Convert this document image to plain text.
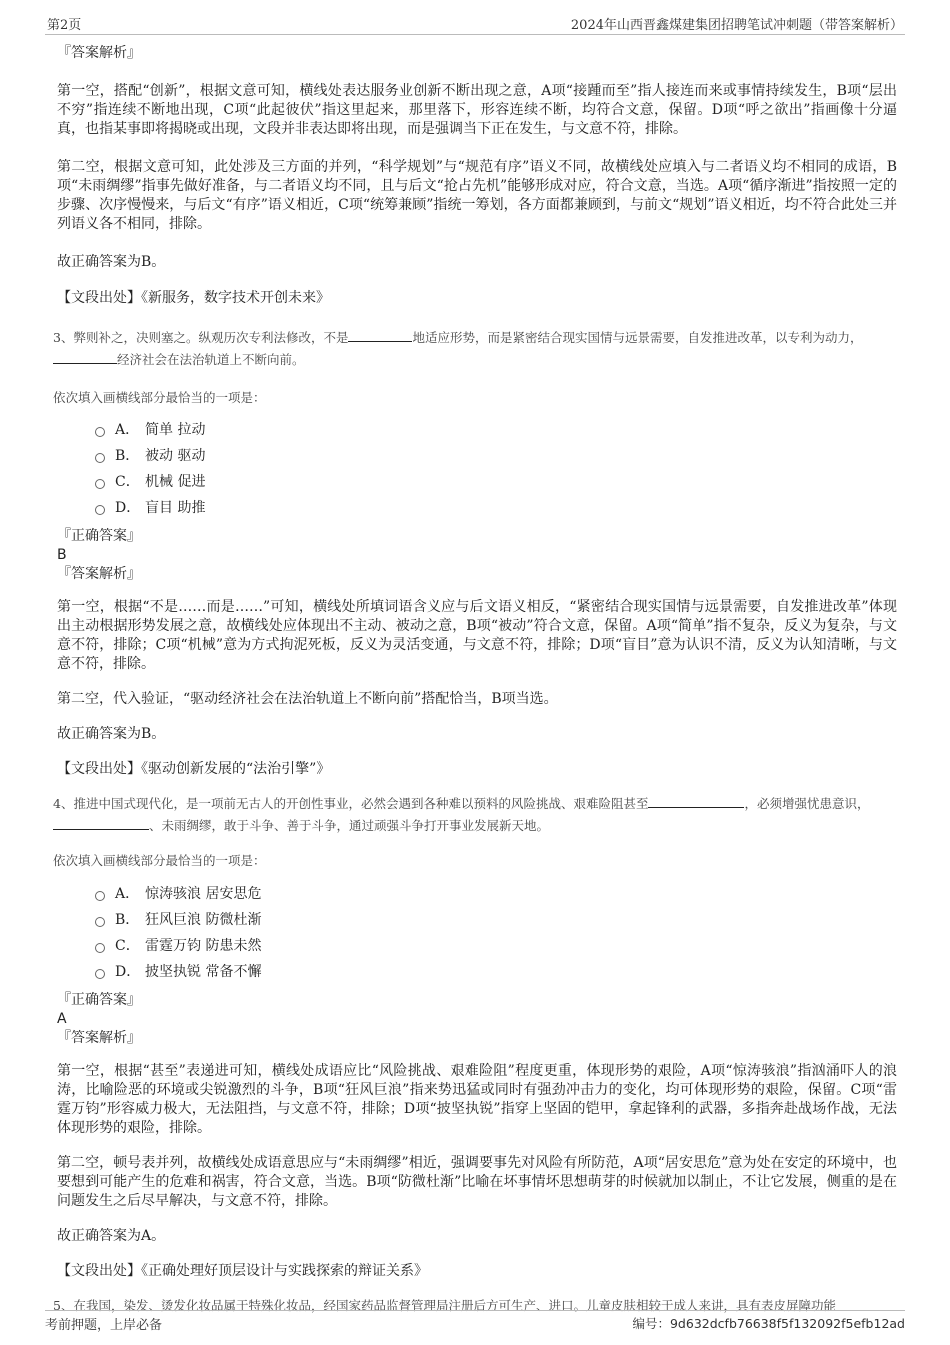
第2页	2024年山西晋鑫煤建集团招聘笔试冲刺题（带答案解析）

『答案解析』

第一空，搭配“创新”，根据文意可知，横线处表达服务业创新不断出现之意，A项“接踵而至”指人接连而来或事情持续发生，B项“层出不穷”指连续不断地出现，C项“此起彼伏”指这里起来，那里落下，形容连续不断，均符合文意，保留。D项“呼之欲出”指画像十分逼真，也指某事即将揭晓或出现，文段并非表达即将出现，而是强调当下正在发生，与文意不符，排除。

第二空，根据文意可知，此处涉及三方面的并列，“科学规划”与“规范有序”语义不同，故横线处应填入与二者语义均不相同的成语，B项“未雨绸缪”指事先做好准备，与二者语义均不同，且与后文“抢占先机”能够形成对应，符合文意，当选。A项“循序渐进”指按照一定的步骤、次序慢慢来，与后文“有序”语义相近，C项“统筹兼顾”指统一筹划，各方面都兼顾到，与前文“规划”语义相近，均不符合此处三并列语义各不相同，排除。

故正确答案为B。

【文段出处】《新服务，数字技术开创未来》

3、弊则补之，决则塞之。纵观历次专利法修改，不是	地适应形势，而是紧密结合现实国情与远景需要，自发推进改革，以专利为动力，经济社会在法治轨道上不断向前。

依次填入画横线部分最恰当的一项是：

A． 简单 拉动
B． 被动 驱动
C． 机械 促进
D． 盲目 助推

『正确答案』

B

『答案解析』

第一空，根据“不是……而是……”可知，横线处所填词语含义应与后文语义相反，“紧密结合现实国情与远景需要，自发推进改革”体现出主动根据形势发展之意，故横线处应体现出不主动、被动之意，B项“被动”符合文意，保留。A项“简单”指不复杂，反义为复杂，与文意不符，排除；C项“机械”意为方式拘泥死板，反义为灵活变通，与文意不符，排除；D项“盲目”意为认识不清，反义为认知清晰，与文意不符，排除。

第二空，代入验证，“驱动经济社会在法治轨道上不断向前”搭配恰当，B项当选。

故正确答案为B。

【文段出处】《驱动创新发展的“法治引擎”》

4、推进中国式现代化，是一项前无古人的开创性事业，必然会遇到各种难以预料的风险挑战、艰难险阻甚至	，必须增强忧患意识，、未雨绸缪，敢于斗争、善于斗争，通过顽强斗争打开事业发展新天地。

依次填入画横线部分最恰当的一项是：

A． 惊涛骇浪 居安思危
B． 狂风巨浪 防微杜渐
C． 雷霆万钧 防患未然
D． 披坚执锐 常备不懈

『正确答案』

A

『答案解析』

第一空，根据“甚至”表递进可知，横线处成语应比“风险挑战、艰难险阻”程度更重，体现形势的艰险，A项“惊涛骇浪”指汹涌吓人的浪涛，比喻险恶的环境或尖锐激烈的斗争，B项“狂风巨浪”指来势迅猛或同时有强劲冲击力的变化，均可体现形势的艰险，保留。C项“雷霆万钧”形容威力极大，无法阻挡，与文意不符，排除；D项“披坚执锐”指穿上坚固的铠甲，拿起锋利的武器，多指奔赴战场作战，无法体现形势的艰险，排除。

第二空，顿号表并列，故横线处成语意思应与“未雨绸缪”相近，强调要事先对风险有所防范，A项“居安思危”意为处在安定的环境中，也要想到可能产生的危难和祸害，符合文意，当选。B项“防微杜渐”比喻在坏事情坏思想萌芽的时候就加以制止，不让它发展，侧重的是在问题发生之后尽早解决，与文意不符，排除。

故正确答案为A。

【文段出处】《正确处理好顶层设计与实践探索的辩证关系》

5、在我国，染发、烫发化妆品属于特殊化妆品，经国家药品监督管理局注册后方可生产、进口。儿童皮肤相较于成人来讲，具有表皮屏障功能

考前押题，上岸必备	编号：9d632dcfb76638f5f132092f5efb12ad
